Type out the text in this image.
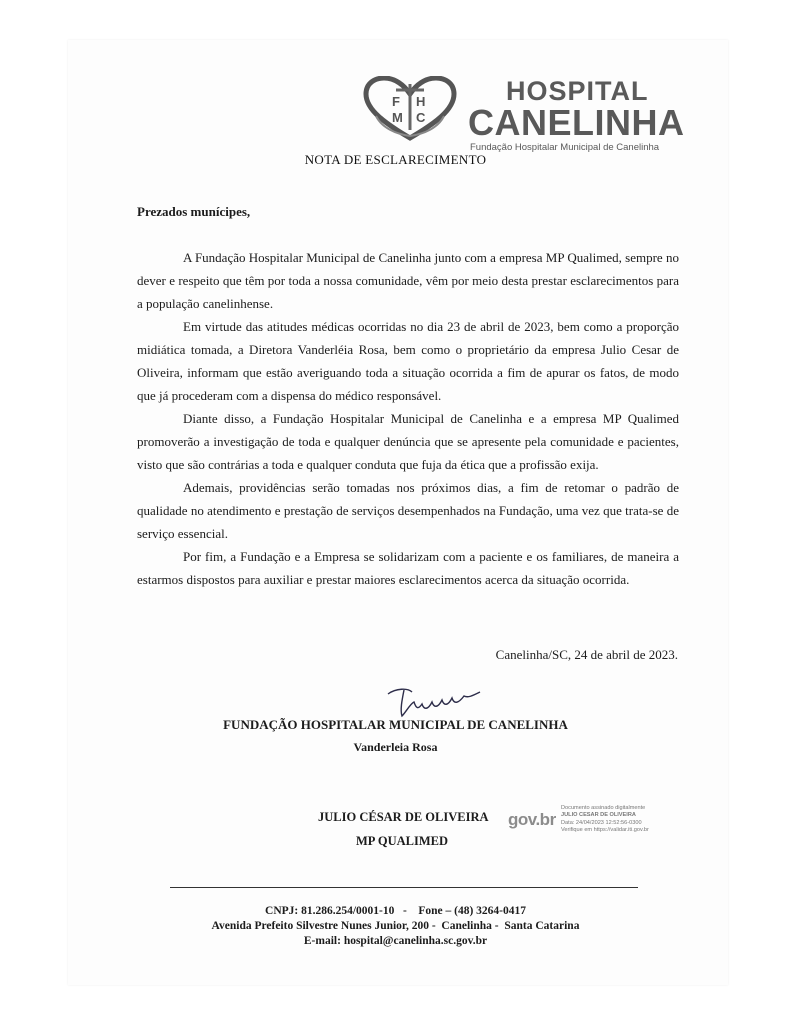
F H
M C
HOSPITAL
CANELINHA
Fundação Hospitalar Municipal de Canelinha
NOTA DE ESCLARECIMENTO
Prezados munícipes,

A Fundação Hospitalar Municipal de Canelinha junto com a empresa MP Qualimed, sempre no dever e respeito que têm por toda a nossa comunidade, vêm por meio desta prestar esclarecimentos para a população canelinhense.

Em virtude das atitudes médicas ocorridas no dia 23 de abril de 2023, bem como a proporção midiática tomada, a Diretora Vanderléia Rosa, bem como o proprietário da empresa Julio Cesar de Oliveira, informam que estão averiguando toda a situação ocorrida a fim de apurar os fatos, de modo que já procederam com a dispensa do médico responsável.

Diante disso, a Fundação Hospitalar Municipal de Canelinha e a empresa MP Qualimed promoverão a investigação de toda e qualquer denúncia que se apresente pela comunidade e pacientes, visto que são contrárias a toda e qualquer conduta que fuja da ética que a profissão exija.

Ademais, providências serão tomadas nos próximos dias, a fim de retomar o padrão de qualidade no atendimento e prestação de serviços desempenhados na Fundação, uma vez que trata-se de serviço essencial.

Por fim, a Fundação e a Empresa se solidarizam com a paciente e os familiares, de maneira a estarmos dispostos para auxiliar e prestar maiores esclarecimentos acerca da situação ocorrida.

Canelinha/SC, 24 de abril de 2023.
FUNDAÇÃO HOSPITALAR MUNICIPAL DE CANELINHA
Vanderleia Rosa
JULIO CÉSAR DE OLIVEIRA
MP QUALIMED
gov.br
Documento assinado digitalmente
JULIO CESAR DE OLIVEIRA
Data: 24/04/2023 12:52:56-0300
Verifique em https://validar.iti.gov.br
CNPJ: 81.286.254/0001-10   -    Fone – (48) 3264-0417
Avenida Prefeito Silvestre Nunes Junior, 200 -  Canelinha -  Santa Catarina
E-mail: hospital@canelinha.sc.gov.br
